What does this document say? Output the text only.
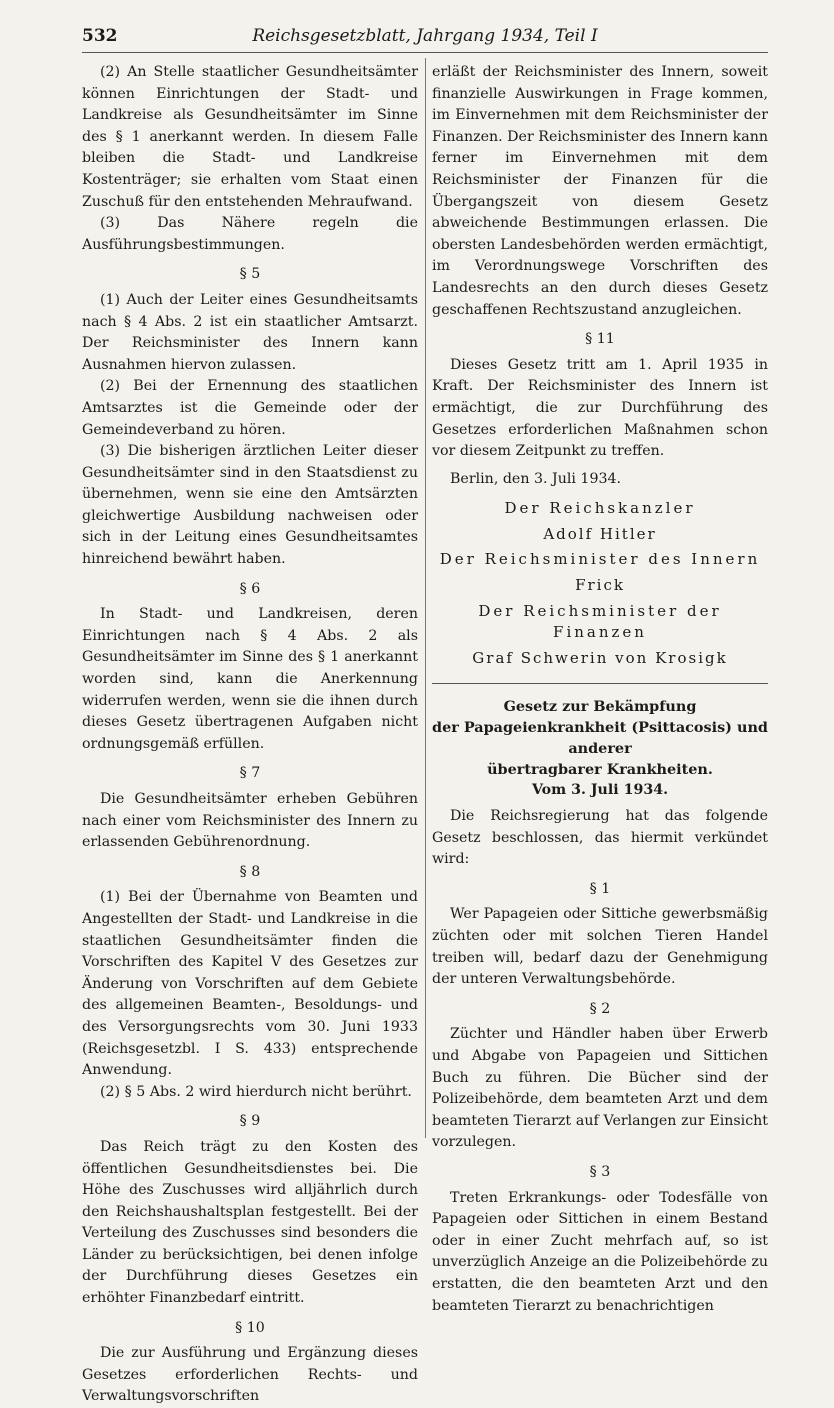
532	Reichsgesetzblatt, Jahrgang 1934, Teil I

(2) An Stelle staatlicher Gesundheitsämter können Einrichtungen der Stadt- und Landkreise als Gesundheitsämter im Sinne des § 1 anerkannt werden. In diesem Falle bleiben die Stadt- und Landkreise Kostenträger; sie erhalten vom Staat einen Zuschuß für den entstehenden Mehraufwand.

(3) Das Nähere regeln die Ausführungsbestimmungen.

§ 5

(1) Auch der Leiter eines Gesundheitsamts nach § 4 Abs. 2 ist ein staatlicher Amtsarzt. Der Reichsminister des Innern kann Ausnahmen hiervon zulassen.

(2) Bei der Ernennung des staatlichen Amtsarztes ist die Gemeinde oder der Gemeindeverband zu hören.

(3) Die bisherigen ärztlichen Leiter dieser Gesundheitsämter sind in den Staatsdienst zu übernehmen, wenn sie eine den Amtsärzten gleichwertige Ausbildung nachweisen oder sich in der Leitung eines Gesundheitsamtes hinreichend bewährt haben.

§ 6

In Stadt- und Landkreisen, deren Einrichtungen nach § 4 Abs. 2 als Gesundheitsämter im Sinne des § 1 anerkannt worden sind, kann die Anerkennung widerrufen werden, wenn sie die ihnen durch dieses Gesetz übertragenen Aufgaben nicht ordnungsgemäß erfüllen.

§ 7

Die Gesundheitsämter erheben Gebühren nach einer vom Reichsminister des Innern zu erlassenden Gebührenordnung.

§ 8

(1) Bei der Übernahme von Beamten und Angestellten der Stadt- und Landkreise in die staatlichen Gesundheitsämter finden die Vorschriften des Kapitel V des Gesetzes zur Änderung von Vorschriften auf dem Gebiete des allgemeinen Beamten-, Besoldungs- und des Versorgungsrechts vom 30. Juni 1933 (Reichsgesetzbl. I S. 433) entsprechende Anwendung.

(2) § 5 Abs. 2 wird hierdurch nicht berührt.

§ 9

Das Reich trägt zu den Kosten des öffentlichen Gesundheitsdienstes bei. Die Höhe des Zuschusses wird alljährlich durch den Reichshaushaltsplan festgestellt. Bei der Verteilung des Zuschusses sind besonders die Länder zu berücksichtigen, bei denen infolge der Durchführung dieses Gesetzes ein erhöhter Finanzbedarf eintritt.

§ 10

Die zur Ausführung und Ergänzung dieses Gesetzes erforderlichen Rechts- und Verwaltungsvorschriften

erläßt der Reichsminister des Innern, soweit finanzielle Auswirkungen in Frage kommen, im Einvernehmen mit dem Reichsminister der Finanzen. Der Reichsminister des Innern kann ferner im Einvernehmen mit dem Reichsminister der Finanzen für die Übergangszeit von diesem Gesetz abweichende Bestimmungen erlassen. Die obersten Landesbehörden werden ermächtigt, im Verordnungswege Vorschriften des Landesrechts an den durch dieses Gesetz geschaffenen Rechtszustand anzugleichen.

§ 11

Dieses Gesetz tritt am 1. April 1935 in Kraft. Der Reichsminister des Innern ist ermächtigt, die zur Durchführung des Gesetzes erforderlichen Maßnahmen schon vor diesem Zeitpunkt zu treffen.

Berlin, den 3. Juli 1934.

Der Reichskanzler
Adolf Hitler
Der Reichsminister des Innern
Frick
Der Reichsminister der Finanzen
Graf Schwerin von Krosigk
Gesetz zur Bekämpfung
der Papageienkrankheit (Psittacosis) und anderer
übertragbarer Krankheiten.
Vom 3. Juli 1934.

Die Reichsregierung hat das folgende Gesetz beschlossen, das hiermit verkündet wird:

§ 1

Wer Papageien oder Sittiche gewerbsmäßig züchten oder mit solchen Tieren Handel treiben will, bedarf dazu der Genehmigung der unteren Verwaltungsbehörde.

§ 2

Züchter und Händler haben über Erwerb und Abgabe von Papageien und Sittichen Buch zu führen. Die Bücher sind der Polizeibehörde, dem beamteten Arzt und dem beamteten Tierarzt auf Verlangen zur Einsicht vorzulegen.

§ 3

Treten Erkrankungs- oder Todesfälle von Papageien oder Sittichen in einem Bestand oder in einer Zucht mehrfach auf, so ist unverzüglich Anzeige an die Polizeibehörde zu erstatten, die den beamteten Arzt und den beamteten Tierarzt zu benachrichtigen
